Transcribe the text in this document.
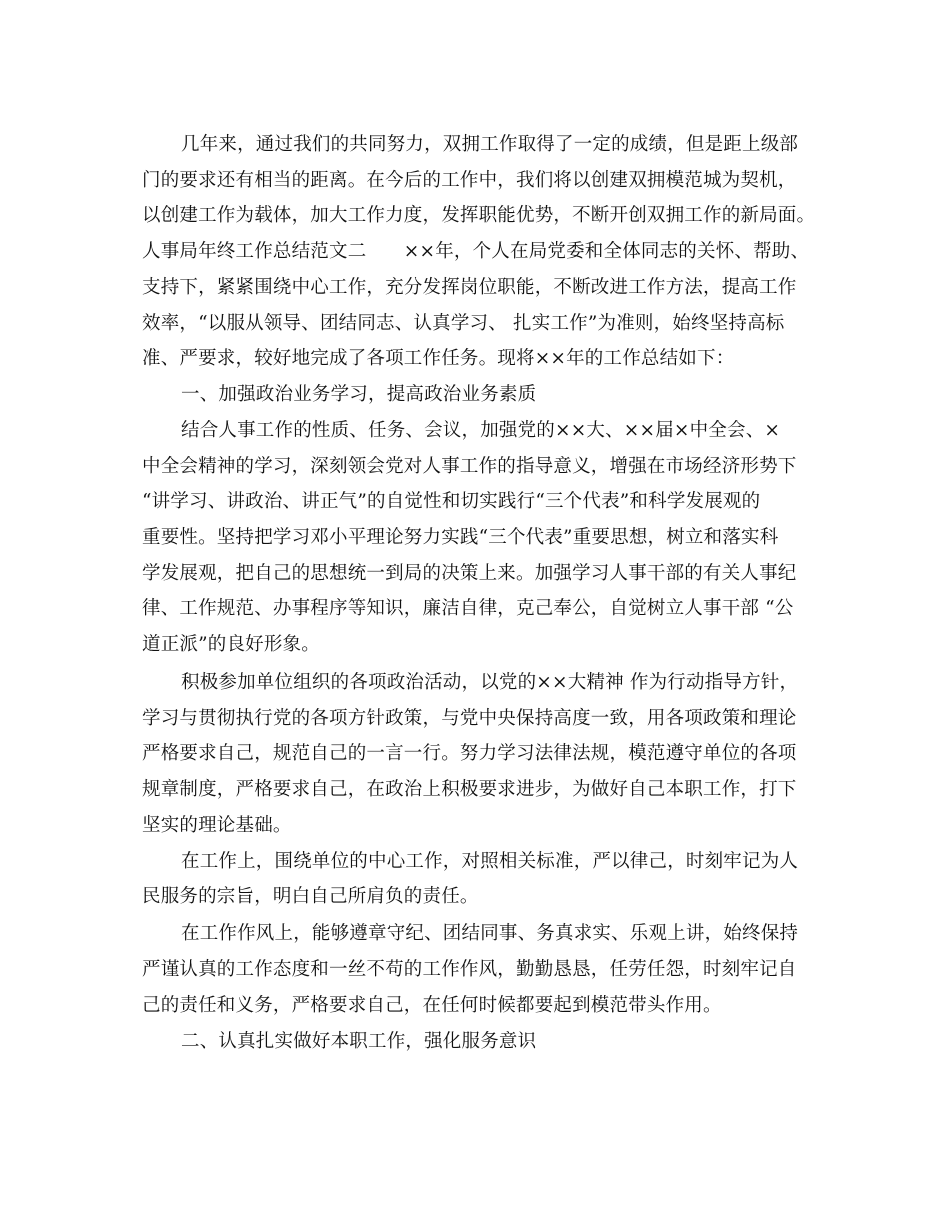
几年来，通过我们的共同努力，双拥工作取得了一定的成绩，但是距上级部
门的要求还有相当的距离。在今后的工作中，我们将以创建双拥模范城为契机，
以创建工作为载体，加大工作力度，发挥职能优势，不断开创双拥工作的新局面。
人事局年终工作总结范文二　　××年，个人在局党委和全体同志的关怀、帮助、
支持下，紧紧围绕中心工作，充分发挥岗位职能，不断改进工作方法，提高工作
效率，“以服从领导、团结同志、认真学习、 扎实工作”为准则，始终坚持高标
准、严要求，较好地完成了各项工作任务。现将××年的工作总结如下：
一、加强政治业务学习，提高政治业务素质
结合人事工作的性质、任务、会议，加强党的××大、××届×中全会、×
中全会精神的学习，深刻领会党对人事工作的指导意义，增强在市场经济形势下
“讲学习、讲政治、讲正气”的自觉性和切实践行“三个代表”和科学发展观的
重要性。坚持把学习邓小平理论努力实践“三个代表”重要思想，树立和落实科
学发展观，把自己的思想统一到局的决策上来。加强学习人事干部的有关人事纪
律、工作规范、办事程序等知识，廉洁自律，克己奉公，自觉树立人事干部 “公
道正派”的良好形象。
积极参加单位组织的各项政治活动，以党的××大精神 作为行动指导方针，
学习与贯彻执行党的各项方针政策，与党中央保持高度一致，用各项政策和理论
严格要求自己，规范自己的一言一行。努力学习法律法规，模范遵守单位的各项
规章制度，严格要求自己，在政治上积极要求进步，为做好自己本职工作，打下
坚实的理论基础。
在工作上，围绕单位的中心工作，对照相关标准，严以律己，时刻牢记为人
民服务的宗旨，明白自己所肩负的责任。
在工作作风上，能够遵章守纪、团结同事、务真求实、乐观上讲，始终保持
严谨认真的工作态度和一丝不苟的工作作风，勤勤恳恳，任劳任怨，时刻牢记自
己的责任和义务，严格要求自己，在任何时候都要起到模范带头作用。
二、认真扎实做好本职工作，强化服务意识
